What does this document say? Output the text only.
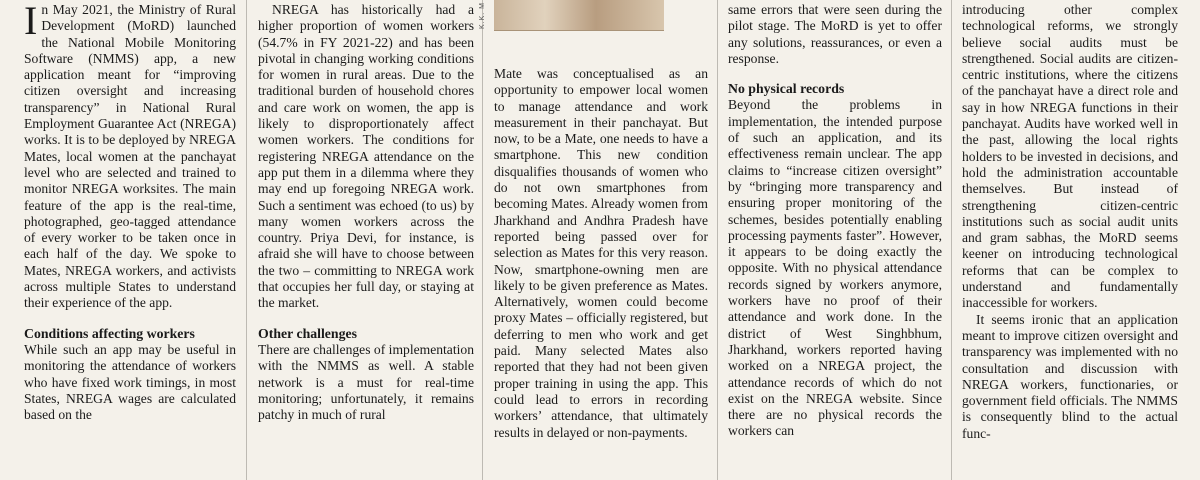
In May 2021, the Ministry of Rural Development (MoRD) launched the National Mobile Monitoring Software (NMMS) app, a new application meant for “improving citizen oversight and increasing transparency” in National Rural Employment Guarantee Act (NREGA) works. It is to be deployed by NREGA Mates, local women at the panchayat level who are selected and trained to monitor NREGA worksites. The main feature of the app is the real-time, photographed, geo-tagged attendance of every worker to be taken once in each half of the day. We spoke to Mates, NREGA workers, and activists across multiple States to understand their experience of the app.

Conditions affecting workers

While such an app may be useful in monitoring the attendance of workers who have fixed work timings, in most States, NREGA wages are calculated based on the

NREGA has historically had a higher proportion of women workers (54.7% in FY 2021-22) and has been pivotal in changing working conditions for women in rural areas. Due to the traditional burden of household chores and care work on women, the app is likely to disproportionately affect women workers. The conditions for registering NREGA attendance on the app put them in a dilemma where they may end up foregoing NREGA work. Such a sentiment was echoed (to us) by many women workers across the country. Priya Devi, for instance, is afraid she will have to choose between the two – committing to NREGA work that occupies her full day, or staying at the market.

Other challenges

There are challenges of implementation with the NMMS as well. A stable network is a must for real-time monitoring; unfortunately, it remains patchy in much of rural

K.K. M

Mate was conceptualised as an opportunity to empower local women to manage attendance and work measurement in their panchayat. But now, to be a Mate, one needs to have a smartphone. This new condition disqualifies thousands of women who do not own smartphones from becoming Mates. Already women from Jharkhand and Andhra Pradesh have reported being passed over for selection as Mates for this very reason. Now, smartphone-owning men are likely to be given preference as Mates. Alternatively, women could become proxy Mates – officially registered, but deferring to men who work and get paid. Many selected Mates also reported that they had not been given proper training in using the app. This could lead to errors in recording workers’ attendance, that ultimately results in delayed or non-payments.

same errors that were seen during the pilot stage. The MoRD is yet to offer any solutions, reassurances, or even a response.

No physical records

Beyond the problems in implementation, the intended purpose of such an application, and its effectiveness remain unclear. The app claims to “increase citizen oversight” by “bringing more transparency and ensuring proper monitoring of the schemes, besides potentially enabling processing payments faster”. However, it appears to be doing exactly the opposite. With no physical attendance records signed by workers anymore, workers have no proof of their attendance and work done. In the district of West Singhbhum, Jharkhand, workers reported having worked on a NREGA project, the attendance records of which do not exist on the NREGA website. Since there are no physical records the workers can

introducing other complex technological reforms, we strongly believe social audits must be strengthened. Social audits are citizen-centric institutions, where the citizens of the panchayat have a direct role and say in how NREGA functions in their panchayat. Audits have worked well in the past, allowing the local rights holders to be invested in decisions, and hold the administration accountable themselves. But instead of strengthening citizen-centric institutions such as social audit units and gram sabhas, the MoRD seems keener on introducing technological reforms that can be complex to understand and fundamentally inaccessible for workers.

It seems ironic that an application meant to improve citizen oversight and transparency was implemented with no consultation and discussion with NREGA workers, functionaries, or government field officials. The NMMS is consequently blind to the actual func-
